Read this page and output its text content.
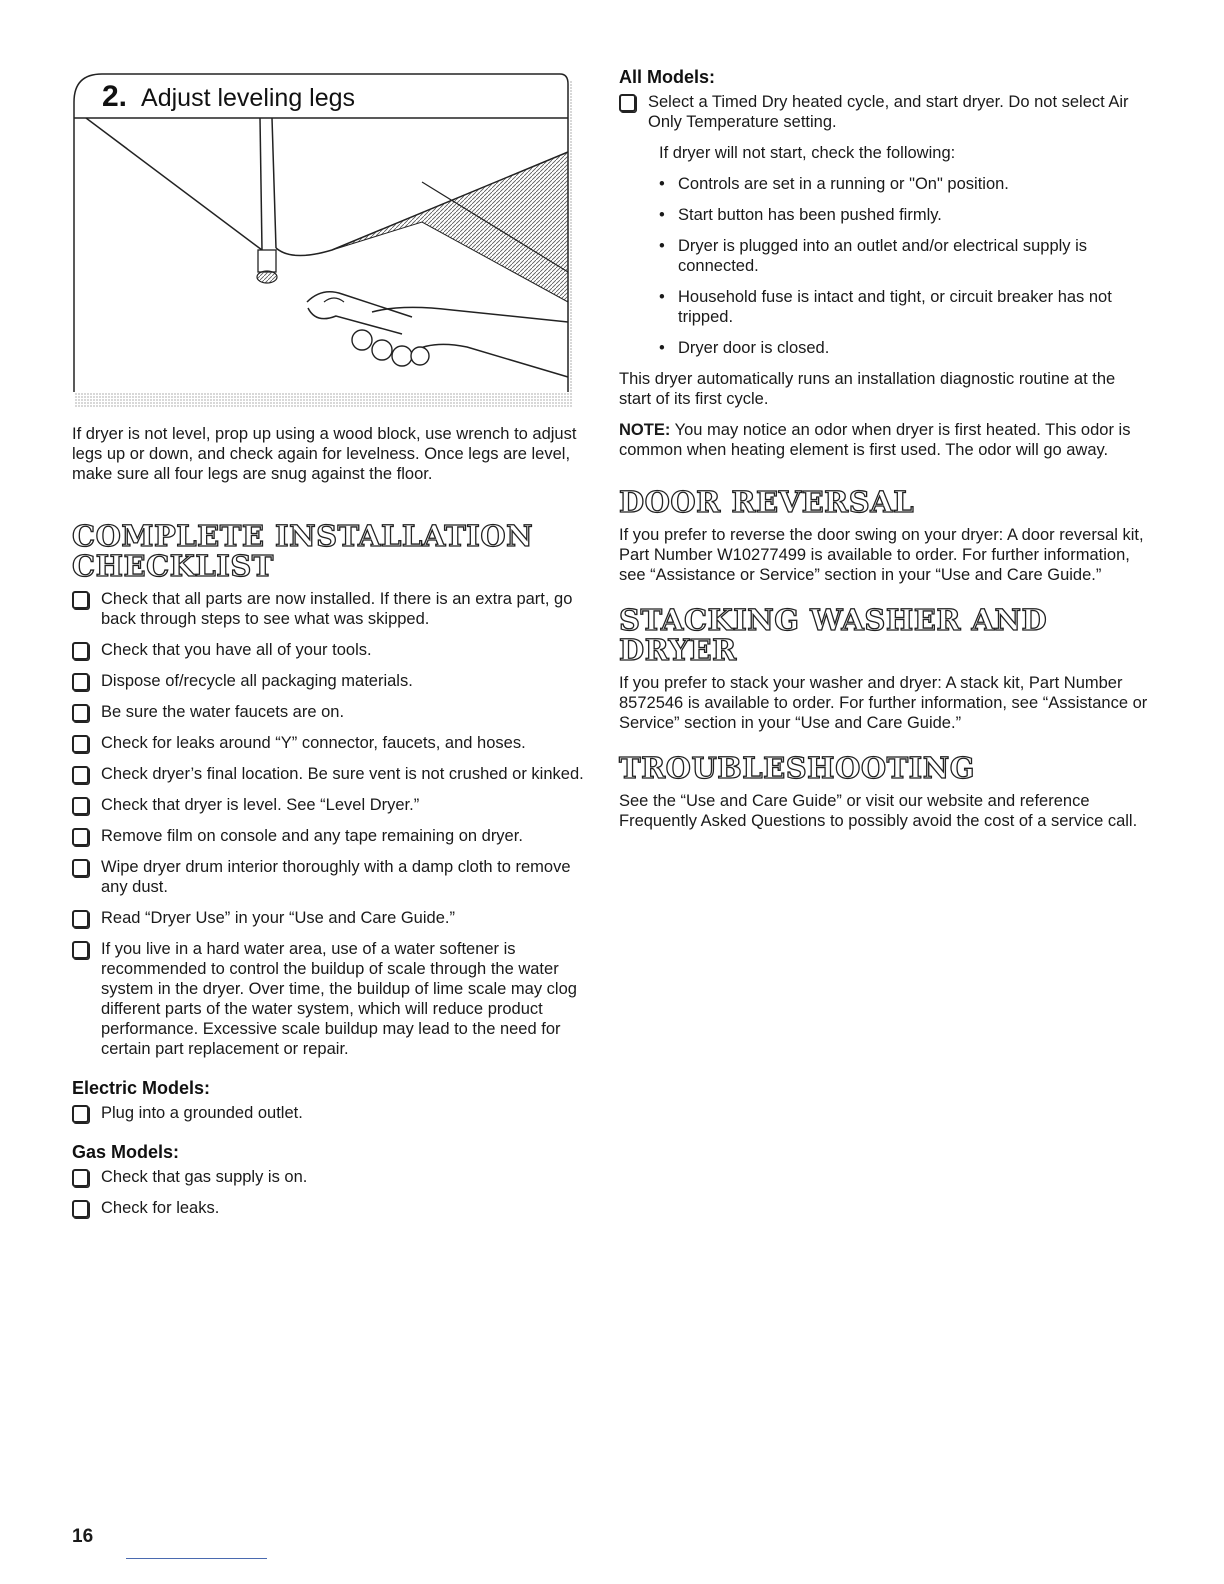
2. Adjust leveling legs
If dryer is not level, prop up using a wood block, use wrench to adjust legs up or down, and check again for levelness. Once legs are level, make sure all four legs are snug against the floor.
COMPLETE INSTALLATION
CHECKLIST
Check that all parts are now installed. If there is an extra part, go back through steps to see what was skipped.
Check that you have all of your tools.
Dispose of/recycle all packaging materials.
Be sure the water faucets are on.
Check for leaks around “Y” connector, faucets, and hoses.
Check dryer’s final location. Be sure vent is not crushed or kinked.
Check that dryer is level. See “Level Dryer.”
Remove film on console and any tape remaining on dryer.
Wipe dryer drum interior thoroughly with a damp cloth to remove any dust.
Read “Dryer Use” in your “Use and Care Guide.”
If you live in a hard water area, use of a water softener is recommended to control the buildup of scale through the water system in the dryer. Over time, the buildup of lime scale may clog different parts of the water system, which will reduce product performance. Excessive scale buildup may lead to the need for certain part replacement or repair.
Electric Models:
Plug into a grounded outlet.
Gas Models:
Check that gas supply is on.
Check for leaks.
All Models:
Select a Timed Dry heated cycle, and start dryer. Do not select Air Only Temperature setting.
If dryer will not start, check the following:
• Controls are set in a running or "On" position.
• Start button has been pushed firmly.
• Dryer is plugged into an outlet and/or electrical supply is connected.
• Household fuse is intact and tight, or circuit breaker has not tripped.
• Dryer door is closed.

This dryer automatically runs an installation diagnostic routine at the start of its first cycle.

NOTE: You may notice an odor when dryer is first heated. This odor is common when heating element is first used. The odor will go away.

DOOR REVERSAL

If you prefer to reverse the door swing on your dryer: A door reversal kit, Part Number W10277499 is available to order. For further information, see “Assistance or Service” section in your “Use and Care Guide.”

STACKING WASHER AND DRYER

If you prefer to stack your washer and dryer: A stack kit, Part Number 8572546 is available to order. For further information, see “Assistance or Service” section in your “Use and Care Guide.”

TROUBLESHOOTING

See the “Use and Care Guide” or visit our website and reference Frequently Asked Questions to possibly avoid the cost of a service call.

16
